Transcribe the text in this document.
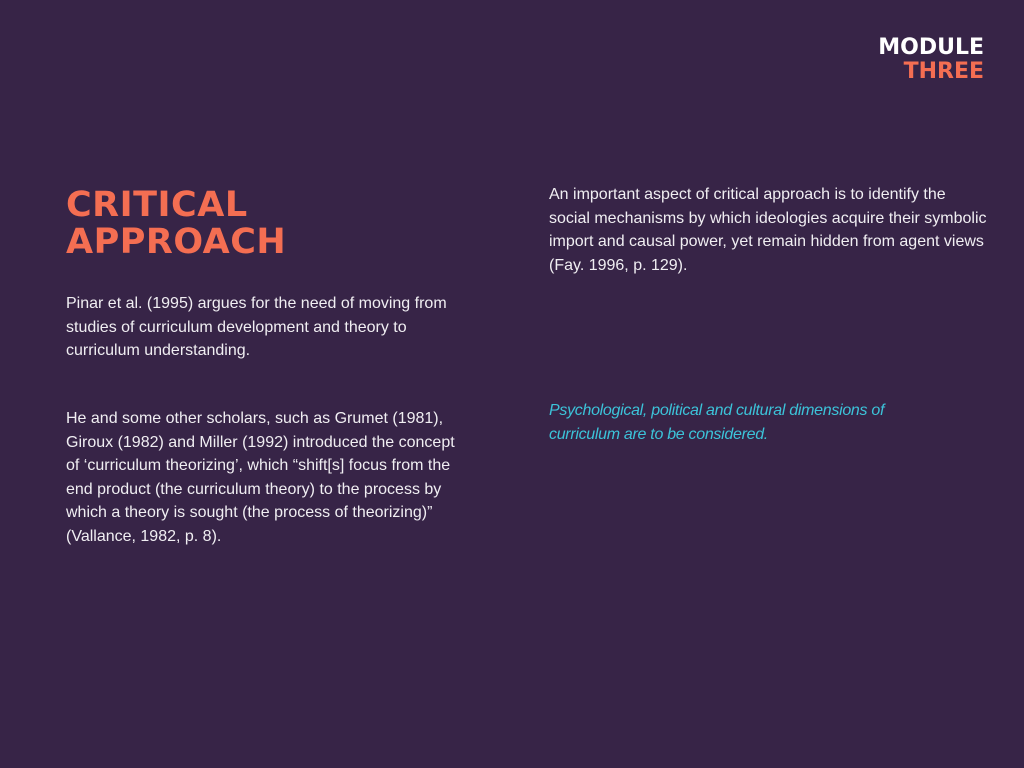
MODULE
THREE
CRITICAL
APPROACH

Pinar et al. (1995) argues for the need of moving from studies of curriculum development and theory to curriculum understanding.

He and some other scholars, such as Grumet (1981), Giroux (1982) and Miller (1992) introduced the concept of ‘curriculum theorizing’, which “shift[s] focus from the end product (the curriculum theory) to the process by which a theory is sought (the process of theorizing)” (Vallance, 1982, p. 8).

An important aspect of critical approach is to identify the social mechanisms by which ideologies acquire their symbolic import and causal power, yet remain hidden from agent views (Fay. 1996, p. 129).

Psychological, political and cultural dimensions of curriculum are to be considered.
